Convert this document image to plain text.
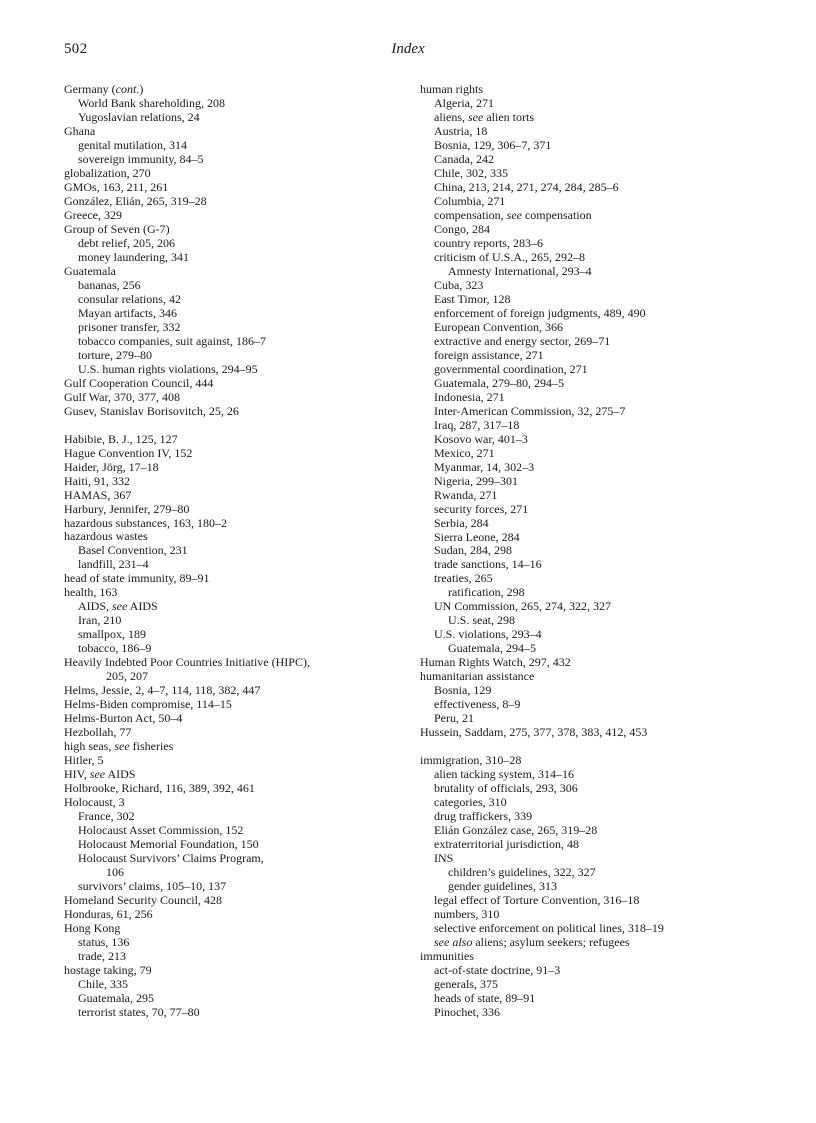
502	Index
Germany (cont.)
World Bank shareholding, 208
Yugoslavian relations, 24
Ghana
genital mutilation, 314
sovereign immunity, 84–5
globalization, 270
GMOs, 163, 211, 261
González, Elián, 265, 319–28
Greece, 329
Group of Seven (G-7)
debt relief, 205, 206
money laundering, 341
Guatemala
bananas, 256
consular relations, 42
Mayan artifacts, 346
prisoner transfer, 332
tobacco companies, suit against, 186–7
torture, 279–80
U.S. human rights violations, 294–95
Gulf Cooperation Council, 444
Gulf War, 370, 377, 408
Gusev, Stanislav Borisovitch, 25, 26
Habibie, B. J., 125, 127
Hague Convention IV, 152
Haider, Jörg, 17–18
Haiti, 91, 332
HAMAS, 367
Harbury, Jennifer, 279–80
hazardous substances, 163, 180–2
hazardous wastes
Basel Convention, 231
landfill, 231–4
head of state immunity, 89–91
health, 163
AIDS, see AIDS
Iran, 210
smallpox, 189
tobacco, 186–9
Heavily Indebted Poor Countries Initiative (HIPC),
205, 207
Helms, Jessie, 2, 4–7, 114, 118, 382, 447
Helms-Biden compromise, 114–15
Helms-Burton Act, 50–4
Hezbollah, 77
high seas, see fisheries
Hitler, 5
HIV, see AIDS
Holbrooke, Richard, 116, 389, 392, 461
Holocaust, 3
France, 302
Holocaust Asset Commission, 152
Holocaust Memorial Foundation, 150
Holocaust Survivors’ Claims Program,
106
survivors’ claims, 105–10, 137
Homeland Security Council, 428
Honduras, 61, 256
Hong Kong
status, 136
trade, 213
hostage taking, 79
Chile, 335
Guatemala, 295
terrorist states, 70, 77–80
human rights
Algeria, 271
aliens, see alien torts
Austria, 18
Bosnia, 129, 306–7, 371
Canada, 242
Chile, 302, 335
China, 213, 214, 271, 274, 284, 285–6
Columbia, 271
compensation, see compensation
Congo, 284
country reports, 283–6
criticism of U.S.A., 265, 292–8
Amnesty International, 293–4
Cuba, 323
East Timor, 128
enforcement of foreign judgments, 489, 490
European Convention, 366
extractive and energy sector, 269–71
foreign assistance, 271
governmental coordination, 271
Guatemala, 279–80, 294–5
Indonesia, 271
Inter-American Commission, 32, 275–7
Iraq, 287, 317–18
Kosovo war, 401–3
Mexico, 271
Myanmar, 14, 302–3
Nigeria, 299–301
Rwanda, 271
security forces, 271
Serbia, 284
Sierra Leone, 284
Sudan, 284, 298
trade sanctions, 14–16
treaties, 265
ratification, 298
UN Commission, 265, 274, 322, 327
U.S. seat, 298
U.S. violations, 293–4
Guatemala, 294–5
Human Rights Watch, 297, 432
humanitarian assistance
Bosnia, 129
effectiveness, 8–9
Peru, 21
Hussein, Saddam, 275, 377, 378, 383, 412, 453
immigration, 310–28
alien tacking system, 314–16
brutality of officials, 293, 306
categories, 310
drug traffickers, 339
Elián González case, 265, 319–28
extraterritorial jurisdiction, 48
INS
children’s guidelines, 322, 327
gender guidelines, 313
legal effect of Torture Convention, 316–18
numbers, 310
selective enforcement on political lines, 318–19
see also aliens; asylum seekers; refugees
immunities
act-of-state doctrine, 91–3
generals, 375
heads of state, 89–91
Pinochet, 336
